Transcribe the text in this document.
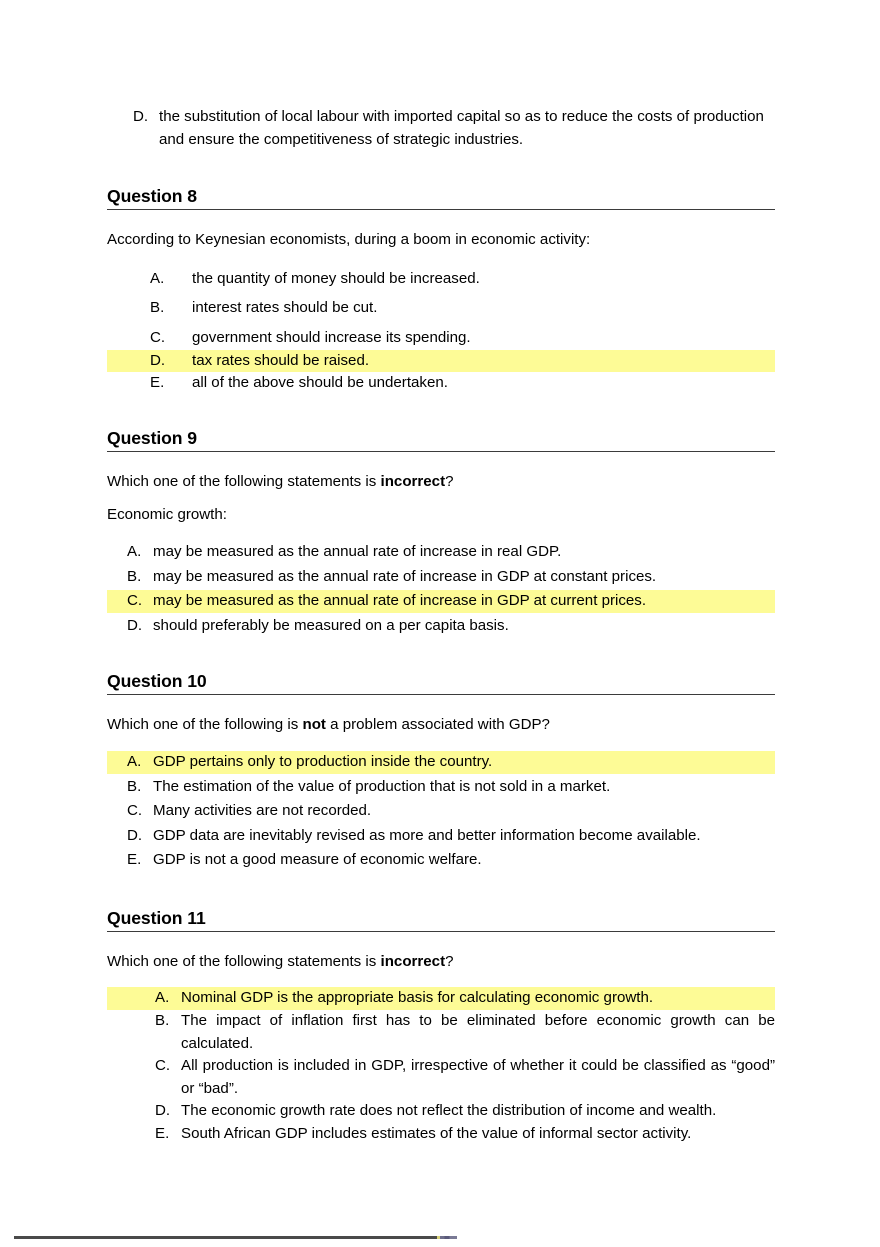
D. the substitution of local labour with imported capital so as to reduce the costs of production and ensure the competitiveness of strategic industries.
Question 8
According to Keynesian economists, during a boom in economic activity:
A.	the quantity of money should be increased.
B.	interest rates should be cut.
C.	government should increase its spending.
D.	tax rates should be raised.
E.	all of the above should be undertaken.
Question 9
Which one of the following statements is incorrect?
Economic growth:
A. may be measured as the annual rate of increase in real GDP.
B. may be measured as the annual rate of increase in GDP at constant prices.
C. may be measured as the annual rate of increase in GDP at current prices.
D. should preferably be measured on a per capita basis.
Question 10
Which one of the following is not a problem associated with GDP?
A. GDP pertains only to production inside the country.
B. The estimation of the value of production that is not sold in a market.
C. Many activities are not recorded.
D. GDP data are inevitably revised as more and better information become available.
E. GDP is not a good measure of economic welfare.
Question 11
Which one of the following statements is incorrect?
A. Nominal GDP is the appropriate basis for calculating economic growth.
B. The impact of inflation first has to be eliminated before economic growth can be calculated.
C. All production is included in GDP, irrespective of whether it could be classified as “good” or “bad”.
D. The economic growth rate does not reflect the distribution of income and wealth.
E. South African GDP includes estimates of the value of informal sector activity.
